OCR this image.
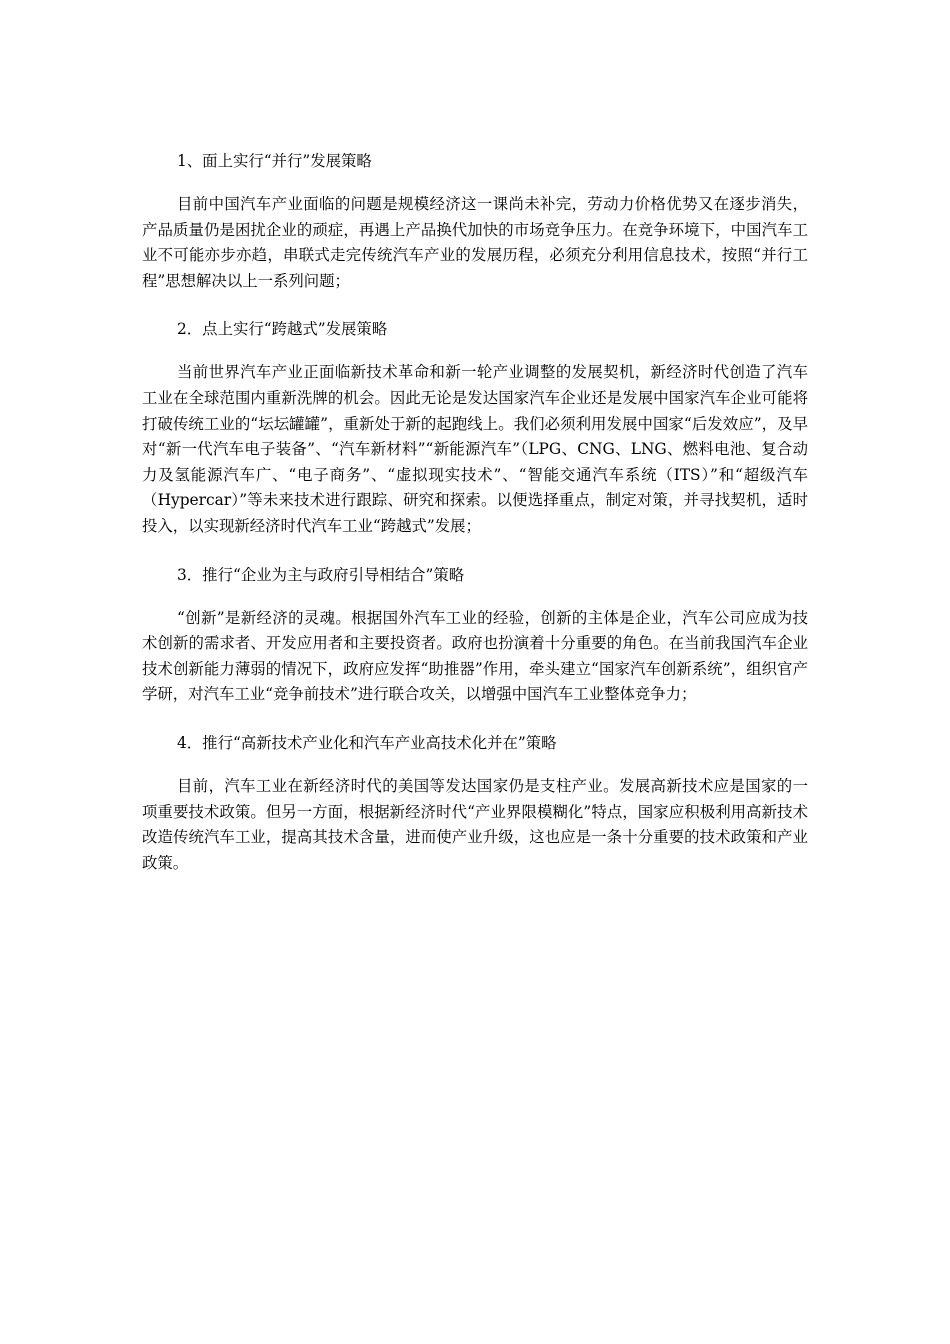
1、面上实行“并行”发展策略

目前中国汽车产业面临的问题是规模经济这一课尚未补完，劳动力价格优势又在逐步消失，产品质量仍是困扰企业的顽症，再遇上产品换代加快的市场竞争压力。在竞争环境下，中国汽车工业不可能亦步亦趋，串联式走完传统汽车产业的发展历程，必须充分利用信息技术，按照“并行工程”思想解决以上一系列问题；

2．点上实行“跨越式”发展策略

当前世界汽车产业正面临新技术革命和新一轮产业调整的发展契机，新经济时代创造了汽车工业在全球范围内重新洗牌的机会。因此无论是发达国家汽车企业还是发展中国家汽车企业可能将打破传统工业的“坛坛罐罐”，重新处于新的起跑线上。我们必须利用发展中国家“后发效应”，及早对“新一代汽车电子装备”、“汽车新材料”“新能源汽车”（LPG、CNG、LNG、燃料电池、复合动力及氢能源汽车广、“电子商务”、“虚拟现实技术”、“智能交通汽车系统（ITS）”和“超级汽车（Hypercar）”等未来技术进行跟踪、研究和探索。以便选择重点，制定对策，并寻找契机，适时投入，以实现新经济时代汽车工业“跨越式”发展；

3．推行“企业为主与政府引导相结合”策略

“创新”是新经济的灵魂。根据国外汽车工业的经验，创新的主体是企业，汽车公司应成为技术创新的需求者、开发应用者和主要投资者。政府也扮演着十分重要的角色。在当前我国汽车企业技术创新能力薄弱的情况下，政府应发挥“助推器”作用，牵头建立“国家汽车创新系统”，组织官产学研，对汽车工业“竞争前技术”进行联合攻关，以增强中国汽车工业整体竞争力；

4．推行“高新技术产业化和汽车产业高技术化并在”策略

目前，汽车工业在新经济时代的美国等发达国家仍是支柱产业。发展高新技术应是国家的一项重要技术政策。但另一方面，根据新经济时代“产业界限模糊化”特点，国家应积极利用高新技术改造传统汽车工业，提高其技术含量，进而使产业升级，这也应是一条十分重要的技术政策和产业政策。
